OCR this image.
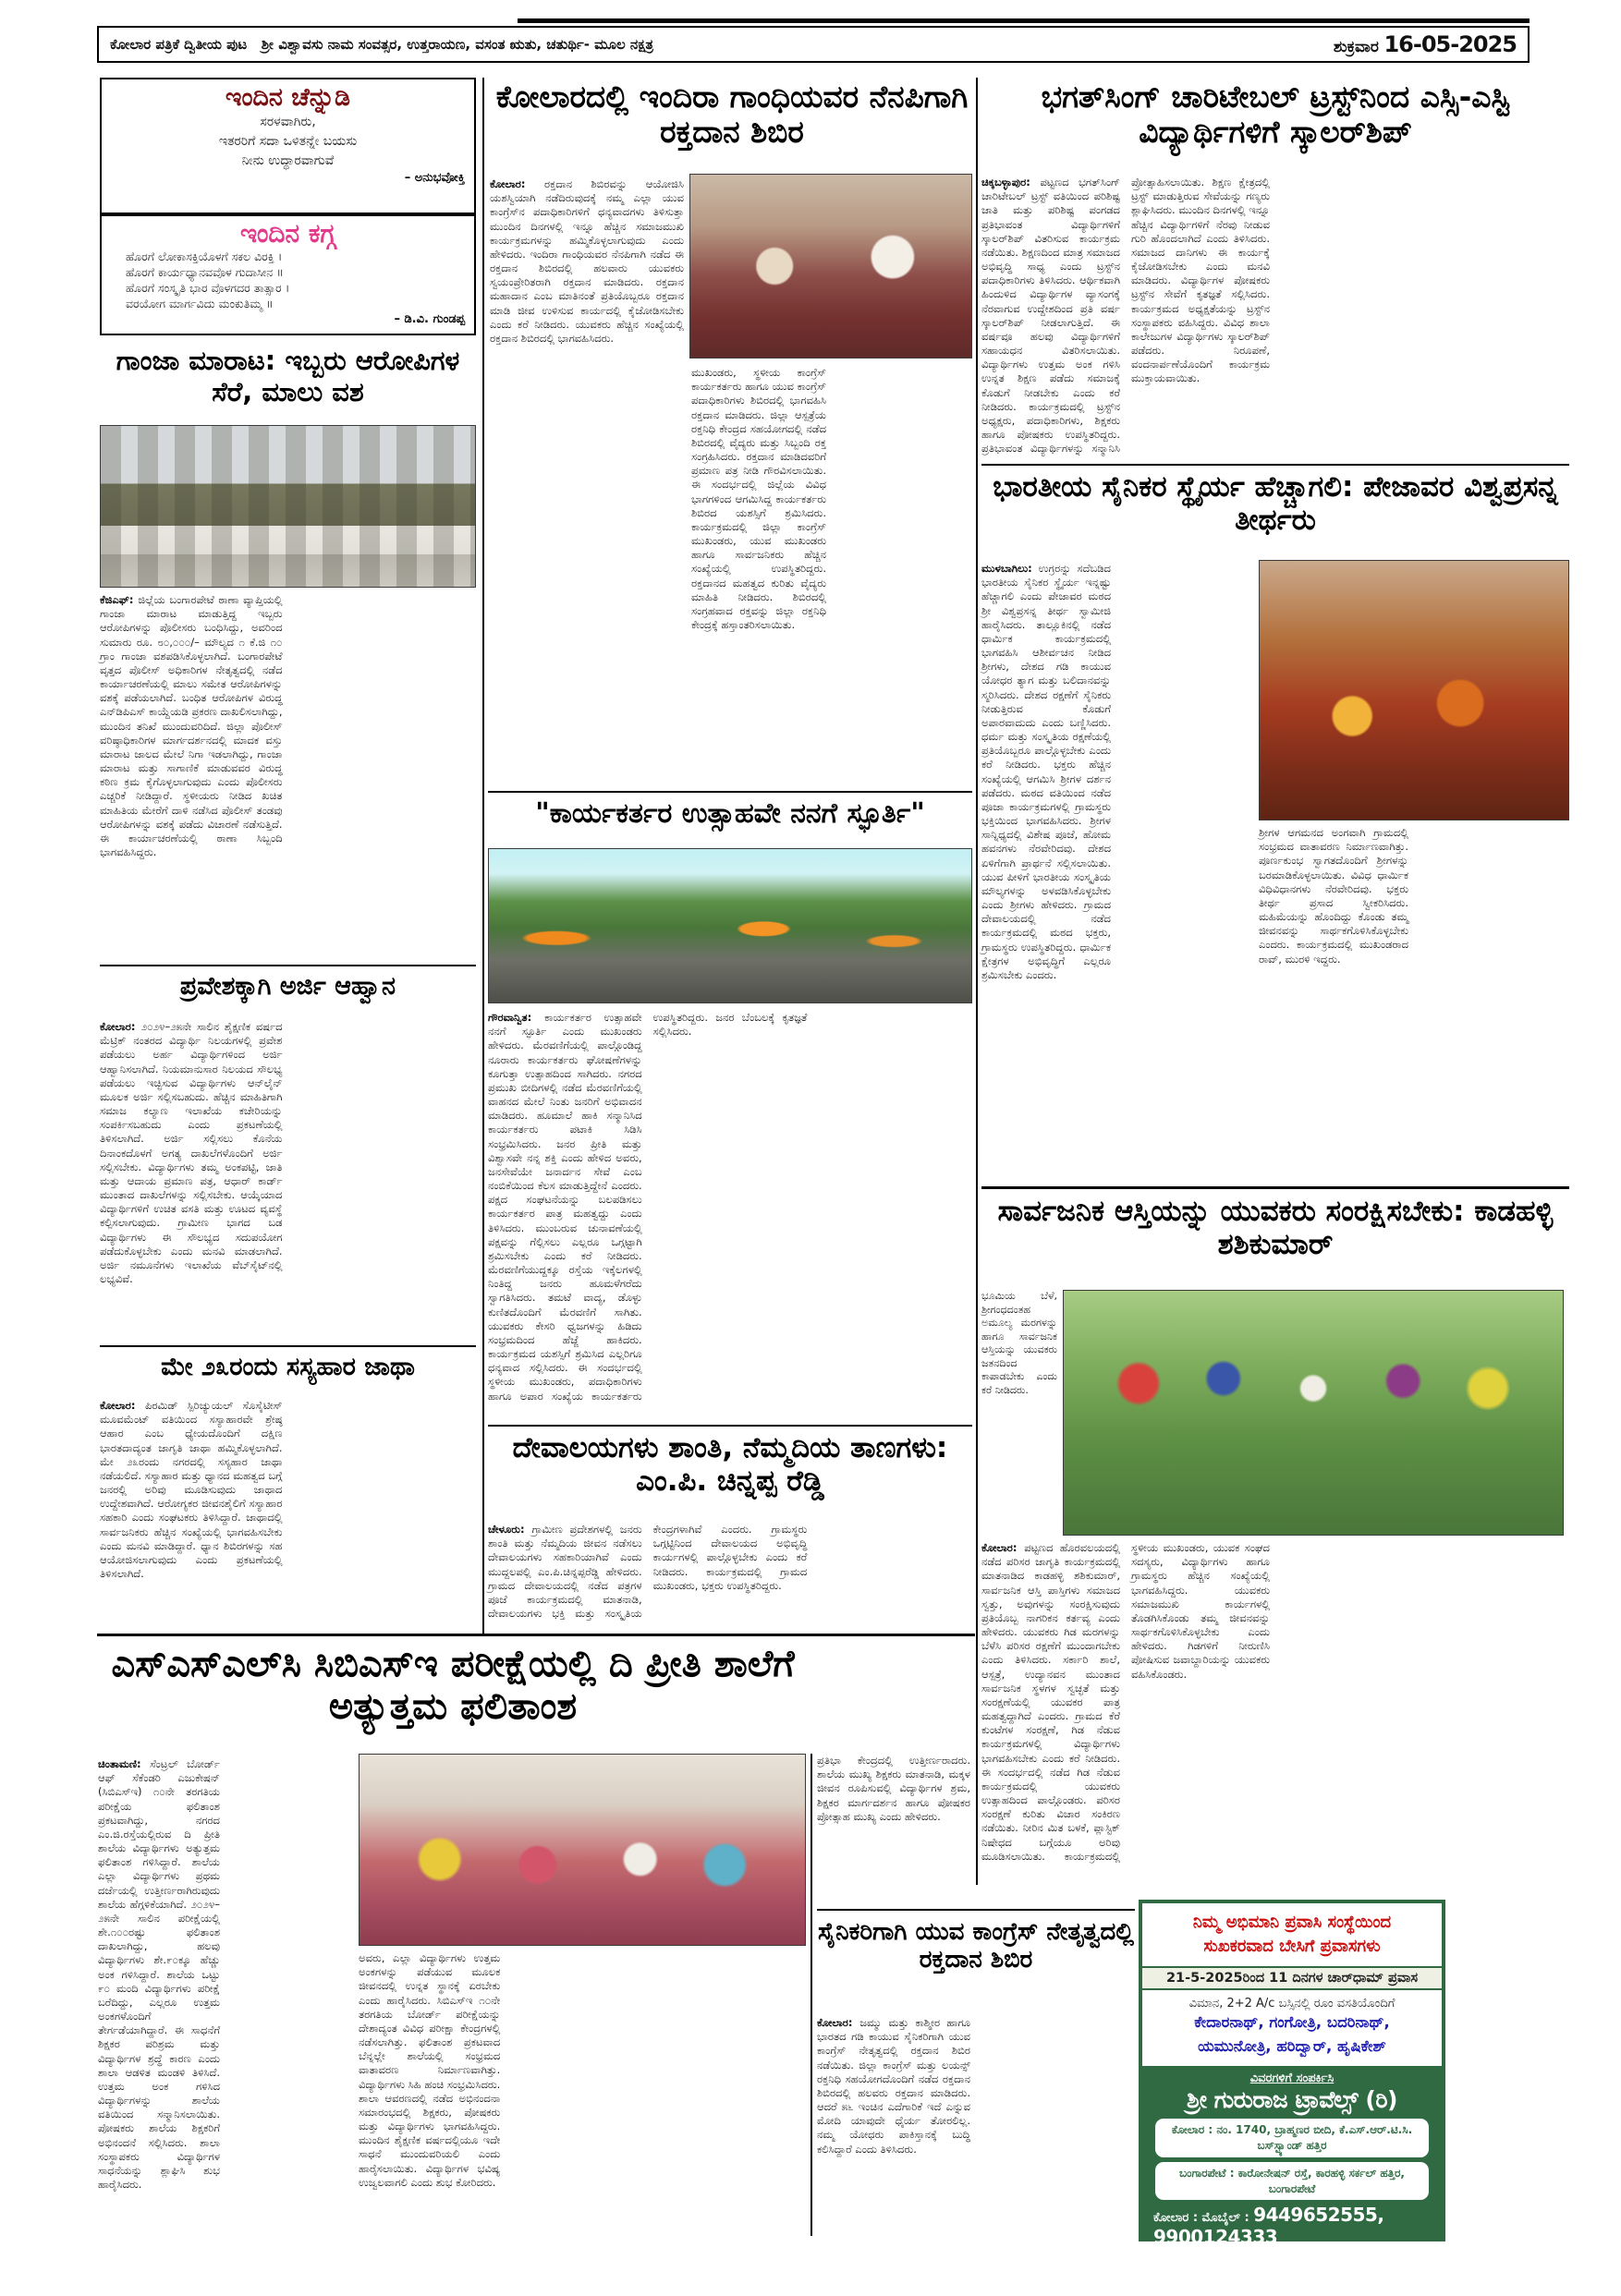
ಕೋಲಾರ ಪತ್ರಿಕೆ ದ್ವಿತೀಯ ಪುಟ ಶ್ರೀ ವಿಶ್ವಾವಸು ನಾಮ ಸಂವತ್ಸರ, ಉತ್ತರಾಯಣ, ವಸಂತ ಋತು, ಚತುರ್ಥಿ- ಮೂಲ ನಕ್ಷತ್ರ	ಶುಕ್ರವಾರ 16-05-2025
ಇಂದಿನ ಚೆನ್ನುಡಿ
ಸರಳವಾಗಿರು,
ಇತರರಿಗೆ ಸದಾ ಒಳಿತನ್ನೇ ಬಯಸು
ನೀನು ಉದ್ಧಾರವಾಗುವೆ
– ಅನುಭವೋಕ್ತಿ
ಇಂದಿನ ಕಗ್ಗ
ಹೊರಗೆ ಲೋಕಾಸಕ್ತಿಯೊಳಗೆ ಸಕಲ ವಿರಕ್ತಿ ।
ಹೊರಗೆ ಕಾರ್ಯಧ್ಯಾನವವೊಳ ಗುದಾಸೀನ ॥
ಹೊರಗೆ ಸಂಸ್ಕೃತಿ ಭಾರ ವೊಳಗದರ ತಾತ್ಸಾರ ।
ವರಯೋಗ ಮಾರ್ಗವಿದು ಮಂಕುತಿಮ್ಮ ॥
– ಡಿ.ವಿ. ಗುಂಡಪ್ಪ
ಗಾಂಜಾ ಮಾರಾಟ: ಇಬ್ಬರು ಆರೋಪಿಗಳ ಸೆರೆ, ಮಾಲು ವಶ
ಕೆಜಿಎಫ್: ಜಿಲ್ಲೆಯ ಬಂಗಾರಪೇಟೆ ಠಾಣಾ ವ್ಯಾಪ್ತಿಯಲ್ಲಿ ಗಾಂಜಾ ಮಾರಾಟ ಮಾಡುತ್ತಿದ್ದ ಇಬ್ಬರು ಆರೋಪಿಗಳನ್ನು ಪೊಲೀಸರು ಬಂಧಿಸಿದ್ದು, ಅವರಿಂದ ಸುಮಾರು ರೂ. ೮೦,೦೦೦/– ಮೌಲ್ಯದ ೧ ಕೆ.ಜಿ ೧೦ ಗ್ರಾಂ ಗಾಂಜಾ ವಶಪಡಿಸಿಕೊಳ್ಳಲಾಗಿದೆ. ಬಂಗಾರಪೇಟೆ ವೃತ್ತದ ಪೊಲೀಸ್ ಅಧಿಕಾರಿಗಳ ನೇತೃತ್ವದಲ್ಲಿ ನಡೆದ ಕಾರ್ಯಾಚರಣೆಯಲ್ಲಿ ಮಾಲು ಸಮೇತ ಆರೋಪಿಗಳನ್ನು ವಶಕ್ಕೆ ಪಡೆಯಲಾಗಿದೆ. ಬಂಧಿತ ಆರೋಪಿಗಳ ವಿರುದ್ಧ ಎನ್‌ಡಿಪಿಎಸ್ ಕಾಯ್ದೆಯಡಿ ಪ್ರಕರಣ ದಾಖಲಿಸಲಾಗಿದ್ದು, ಮುಂದಿನ ತನಿಖೆ ಮುಂದುವರಿದಿದೆ. ಜಿಲ್ಲಾ ಪೊಲೀಸ್ ವರಿಷ್ಠಾಧಿಕಾರಿಗಳ ಮಾರ್ಗದರ್ಶನದಲ್ಲಿ ಮಾದಕ ವಸ್ತು ಮಾರಾಟ ಜಾಲದ ಮೇಲೆ ನಿಗಾ ಇಡಲಾಗಿದ್ದು, ಗಾಂಜಾ ಮಾರಾಟ ಮತ್ತು ಸಾಗಾಣಿಕೆ ಮಾಡುವವರ ವಿರುದ್ಧ ಕಠಿಣ ಕ್ರಮ ಕೈಗೊಳ್ಳಲಾಗುವುದು ಎಂದು ಪೊಲೀಸರು ಎಚ್ಚರಿಕೆ ನೀಡಿದ್ದಾರೆ. ಸ್ಥಳೀಯರು ನೀಡಿದ ಖಚಿತ ಮಾಹಿತಿಯ ಮೇರೆಗೆ ದಾಳಿ ನಡೆಸಿದ ಪೊಲೀಸ್ ತಂಡವು ಆರೋಪಿಗಳನ್ನು ವಶಕ್ಕೆ ಪಡೆದು ವಿಚಾರಣೆ ನಡೆಸುತ್ತಿದೆ. ಈ ಕಾರ್ಯಾಚರಣೆಯಲ್ಲಿ ಠಾಣಾ ಸಿಬ್ಬಂದಿ ಭಾಗವಹಿಸಿದ್ದರು.
ಪ್ರವೇಶಕ್ಕಾಗಿ ಅರ್ಜಿ ಆಹ್ವಾನ
ಕೋಲಾರ: ೨೦೨೪–೨೫ನೇ ಸಾಲಿನ ಶೈಕ್ಷಣಿಕ ವರ್ಷದ ಮೆಟ್ರಿಕ್ ನಂತರದ ವಿದ್ಯಾರ್ಥಿ ನಿಲಯಗಳಲ್ಲಿ ಪ್ರವೇಶ ಪಡೆಯಲು ಅರ್ಹ ವಿದ್ಯಾರ್ಥಿಗಳಿಂದ ಅರ್ಜಿ ಆಹ್ವಾನಿಸಲಾಗಿದೆ. ನಿಯಮಾನುಸಾರ ನಿಲಯದ ಸೌಲಭ್ಯ ಪಡೆಯಲು ಇಚ್ಛಿಸುವ ವಿದ್ಯಾರ್ಥಿಗಳು ಆನ್‌ಲೈನ್ ಮೂಲಕ ಅರ್ಜಿ ಸಲ್ಲಿಸಬಹುದು. ಹೆಚ್ಚಿನ ಮಾಹಿತಿಗಾಗಿ ಸಮಾಜ ಕಲ್ಯಾಣ ಇಲಾಖೆಯ ಕಚೇರಿಯನ್ನು ಸಂಪರ್ಕಿಸಬಹುದು ಎಂದು ಪ್ರಕಟಣೆಯಲ್ಲಿ ತಿಳಿಸಲಾಗಿದೆ. ಅರ್ಜಿ ಸಲ್ಲಿಸಲು ಕೊನೆಯ ದಿನಾಂಕದೊಳಗೆ ಅಗತ್ಯ ದಾಖಲೆಗಳೊಂದಿಗೆ ಅರ್ಜಿ ಸಲ್ಲಿಸಬೇಕು. ವಿದ್ಯಾರ್ಥಿಗಳು ತಮ್ಮ ಅಂಕಪಟ್ಟಿ, ಜಾತಿ ಮತ್ತು ಆದಾಯ ಪ್ರಮಾಣ ಪತ್ರ, ಆಧಾರ್ ಕಾರ್ಡ್ ಮುಂತಾದ ದಾಖಲೆಗಳನ್ನು ಸಲ್ಲಿಸಬೇಕು. ಆಯ್ಕೆಯಾದ ವಿದ್ಯಾರ್ಥಿಗಳಿಗೆ ಉಚಿತ ವಸತಿ ಮತ್ತು ಊಟದ ವ್ಯವಸ್ಥೆ ಕಲ್ಪಿಸಲಾಗುವುದು. ಗ್ರಾಮೀಣ ಭಾಗದ ಬಡ ವಿದ್ಯಾರ್ಥಿಗಳು ಈ ಸೌಲಭ್ಯದ ಸದುಪಯೋಗ ಪಡೆದುಕೊಳ್ಳಬೇಕು ಎಂದು ಮನವಿ ಮಾಡಲಾಗಿದೆ. ಅರ್ಜಿ ನಮೂನೆಗಳು ಇಲಾಖೆಯ ವೆಬ್‌ಸೈಟ್‌ನಲ್ಲಿ ಲಭ್ಯವಿವೆ.
ಮೇ ೨೩ರಂದು ಸಸ್ಯಹಾರ ಜಾಥಾ
ಕೋಲಾರ: ಪಿರಮಿಡ್ ಸ್ಪಿರಿಚ್ಯುಯಲ್ ಸೊಸೈಟೀಸ್ ಮೂವಮೆಂಟ್ ವತಿಯಿಂದ ಸಸ್ಯಾಹಾರವೇ ಶ್ರೇಷ್ಠ ಆಹಾರ ಎಂಬ ಧ್ಯೇಯದೊಂದಿಗೆ ದಕ್ಷಿಣ ಭಾರತದಾದ್ಯಂತ ಜಾಗೃತಿ ಜಾಥಾ ಹಮ್ಮಿಕೊಳ್ಳಲಾಗಿದೆ. ಮೇ ೨೩ರಂದು ನಗರದಲ್ಲಿ ಸಸ್ಯಹಾರ ಜಾಥಾ ನಡೆಯಲಿದೆ. ಸಸ್ಯಾಹಾರ ಮತ್ತು ಧ್ಯಾನದ ಮಹತ್ವದ ಬಗ್ಗೆ ಜನರಲ್ಲಿ ಅರಿವು ಮೂಡಿಸುವುದು ಜಾಥಾದ ಉದ್ದೇಶವಾಗಿದೆ. ಆರೋಗ್ಯಕರ ಜೀವನಶೈಲಿಗೆ ಸಸ್ಯಾಹಾರ ಸಹಕಾರಿ ಎಂದು ಸಂಘಟಕರು ತಿಳಿಸಿದ್ದಾರೆ. ಜಾಥಾದಲ್ಲಿ ಸಾರ್ವಜನಿಕರು ಹೆಚ್ಚಿನ ಸಂಖ್ಯೆಯಲ್ಲಿ ಭಾಗವಹಿಸಬೇಕು ಎಂದು ಮನವಿ ಮಾಡಿದ್ದಾರೆ. ಧ್ಯಾನ ಶಿಬಿರಗಳನ್ನು ಸಹ ಆಯೋಜಿಸಲಾಗುವುದು ಎಂದು ಪ್ರಕಟಣೆಯಲ್ಲಿ ತಿಳಿಸಲಾಗಿದೆ.
ಕೋಲಾರದಲ್ಲಿ ಇಂದಿರಾ ಗಾಂಧಿಯವರ ನೆನಪಿಗಾಗಿ ರಕ್ತದಾನ ಶಿಬಿರ
ಕೋಲಾರ: ರಕ್ತದಾನ ಶಿಬಿರವನ್ನು ಆಯೋಜಿಸಿ ಯಶಸ್ವಿಯಾಗಿ ನಡೆದಿರುವುದಕ್ಕೆ ನಮ್ಮ ಎಲ್ಲಾ ಯುವ ಕಾಂಗ್ರೆಸ್‌ನ ಪದಾಧಿಕಾರಿಗಳಿಗೆ ಧನ್ಯವಾದಗಳು ತಿಳಿಸುತ್ತಾ ಮುಂದಿನ ದಿನಗಳಲ್ಲಿ ಇನ್ನೂ ಹೆಚ್ಚಿನ ಸಮಾಜಮುಖಿ ಕಾರ್ಯಕ್ರಮಗಳನ್ನು ಹಮ್ಮಿಕೊಳ್ಳಲಾಗುವುದು ಎಂದು ಹೇಳಿದರು. ಇಂದಿರಾ ಗಾಂಧಿಯವರ ನೆನಪಿಗಾಗಿ ನಡೆದ ಈ ರಕ್ತದಾನ ಶಿಬಿರದಲ್ಲಿ ಹಲವಾರು ಯುವಕರು ಸ್ವಯಂಪ್ರೇರಿತರಾಗಿ ರಕ್ತದಾನ ಮಾಡಿದರು. ರಕ್ತದಾನ ಮಹಾದಾನ ಎಂಬ ಮಾತಿನಂತೆ ಪ್ರತಿಯೊಬ್ಬರೂ ರಕ್ತದಾನ ಮಾಡಿ ಜೀವ ಉಳಿಸುವ ಕಾರ್ಯದಲ್ಲಿ ಕೈಜೋಡಿಸಬೇಕು ಎಂದು ಕರೆ ನೀಡಿದರು. ಯುವಕರು ಹೆಚ್ಚಿನ ಸಂಖ್ಯೆಯಲ್ಲಿ ರಕ್ತದಾನ ಶಿಬಿರದಲ್ಲಿ ಭಾಗವಹಿಸಿದರು.
ಮುಖಂಡರು, ಸ್ಥಳೀಯ ಕಾಂಗ್ರೆಸ್ ಕಾರ್ಯಕರ್ತರು ಹಾಗೂ ಯುವ ಕಾಂಗ್ರೆಸ್ ಪದಾಧಿಕಾರಿಗಳು ಶಿಬಿರದಲ್ಲಿ ಭಾಗವಹಿಸಿ ರಕ್ತದಾನ ಮಾಡಿದರು. ಜಿಲ್ಲಾ ಆಸ್ಪತ್ರೆಯ ರಕ್ತನಿಧಿ ಕೇಂದ್ರದ ಸಹಯೋಗದಲ್ಲಿ ನಡೆದ ಶಿಬಿರದಲ್ಲಿ ವೈದ್ಯರು ಮತ್ತು ಸಿಬ್ಬಂದಿ ರಕ್ತ ಸಂಗ್ರಹಿಸಿದರು. ರಕ್ತದಾನ ಮಾಡಿದವರಿಗೆ ಪ್ರಮಾಣ ಪತ್ರ ನೀಡಿ ಗೌರವಿಸಲಾಯಿತು. ಈ ಸಂದರ್ಭದಲ್ಲಿ ಜಿಲ್ಲೆಯ ವಿವಿಧ ಭಾಗಗಳಿಂದ ಆಗಮಿಸಿದ್ದ ಕಾರ್ಯಕರ್ತರು ಶಿಬಿರದ ಯಶಸ್ಸಿಗೆ ಶ್ರಮಿಸಿದರು. ಕಾರ್ಯಕ್ರಮದಲ್ಲಿ ಜಿಲ್ಲಾ ಕಾಂಗ್ರೆಸ್ ಮುಖಂಡರು, ಯುವ ಮುಖಂಡರು ಹಾಗೂ ಸಾರ್ವಜನಿಕರು ಹೆಚ್ಚಿನ ಸಂಖ್ಯೆಯಲ್ಲಿ ಉಪಸ್ಥಿತರಿದ್ದರು. ರಕ್ತದಾನದ ಮಹತ್ವದ ಕುರಿತು ವೈದ್ಯರು ಮಾಹಿತಿ ನೀಡಿದರು. ಶಿಬಿರದಲ್ಲಿ ಸಂಗ್ರಹವಾದ ರಕ್ತವನ್ನು ಜಿಲ್ಲಾ ರಕ್ತನಿಧಿ ಕೇಂದ್ರಕ್ಕೆ ಹಸ್ತಾಂತರಿಸಲಾಯಿತು.
"ಕಾರ್ಯಕರ್ತರ ಉತ್ಸಾಹವೇ ನನಗೆ ಸ್ಫೂರ್ತಿ"
ಗೌರವಾನ್ವಿತ: ಕಾರ್ಯಕರ್ತರ ಉತ್ಸಾಹವೇ ನನಗೆ ಸ್ಫೂರ್ತಿ ಎಂದು ಮುಖಂಡರು ಹೇಳಿದರು. ಮೆರವಣಿಗೆಯಲ್ಲಿ ಪಾಲ್ಗೊಂಡಿದ್ದ ನೂರಾರು ಕಾರ್ಯಕರ್ತರು ಘೋಷಣೆಗಳನ್ನು ಕೂಗುತ್ತಾ ಉತ್ಸಾಹದಿಂದ ಸಾಗಿದರು. ನಗರದ ಪ್ರಮುಖ ಬೀದಿಗಳಲ್ಲಿ ನಡೆದ ಮೆರವಣಿಗೆಯಲ್ಲಿ ವಾಹನದ ಮೇಲೆ ನಿಂತು ಜನರಿಗೆ ಅಭಿವಾದನ ಮಾಡಿದರು. ಹೂಮಾಲೆ ಹಾಕಿ ಸನ್ಮಾನಿಸಿದ ಕಾರ್ಯಕರ್ತರು ಪಟಾಕಿ ಸಿಡಿಸಿ ಸಂಭ್ರಮಿಸಿದರು. ಜನರ ಪ್ರೀತಿ ಮತ್ತು ವಿಶ್ವಾಸವೇ ನನ್ನ ಶಕ್ತಿ ಎಂದು ಹೇಳಿದ ಅವರು, ಜನಸೇವೆಯೇ ಜನಾರ್ದನ ಸೇವೆ ಎಂಬ ನಂಬಿಕೆಯಿಂದ ಕೆಲಸ ಮಾಡುತ್ತಿದ್ದೇನೆ ಎಂದರು. ಪಕ್ಷದ ಸಂಘಟನೆಯನ್ನು ಬಲಪಡಿಸಲು ಕಾರ್ಯಕರ್ತರ ಪಾತ್ರ ಮಹತ್ವದ್ದು ಎಂದು ತಿಳಿಸಿದರು. ಮುಂಬರುವ ಚುನಾವಣೆಯಲ್ಲಿ ಪಕ್ಷವನ್ನು ಗೆಲ್ಲಿಸಲು ಎಲ್ಲರೂ ಒಗ್ಗಟ್ಟಾಗಿ ಶ್ರಮಿಸಬೇಕು ಎಂದು ಕರೆ ನೀಡಿದರು. ಮೆರವಣಿಗೆಯುದ್ದಕ್ಕೂ ರಸ್ತೆಯ ಇಕ್ಕೆಲಗಳಲ್ಲಿ ನಿಂತಿದ್ದ ಜನರು ಹೂಮಳೆಗರೆದು ಸ್ವಾಗತಿಸಿದರು. ತಮಟೆ ವಾದ್ಯ, ಡೊಳ್ಳು ಕುಣಿತದೊಂದಿಗೆ ಮೆರವಣಿಗೆ ಸಾಗಿತು. ಯುವಕರು ಕೇಸರಿ ಧ್ವಜಗಳನ್ನು ಹಿಡಿದು ಸಂಭ್ರಮದಿಂದ ಹೆಜ್ಜೆ ಹಾಕಿದರು. ಕಾರ್ಯಕ್ರಮದ ಯಶಸ್ಸಿಗೆ ಶ್ರಮಿಸಿದ ಎಲ್ಲರಿಗೂ ಧನ್ಯವಾದ ಸಲ್ಲಿಸಿದರು. ಈ ಸಂದರ್ಭದಲ್ಲಿ ಸ್ಥಳೀಯ ಮುಖಂಡರು, ಪದಾಧಿಕಾರಿಗಳು ಹಾಗೂ ಅಪಾರ ಸಂಖ್ಯೆಯ ಕಾರ್ಯಕರ್ತರು ಉಪಸ್ಥಿತರಿದ್ದರು. ಜನರ ಬೆಂಬಲಕ್ಕೆ ಕೃತಜ್ಞತೆ ಸಲ್ಲಿಸಿದರು.
ದೇವಾಲಯಗಳು ಶಾಂತಿ, ನೆಮ್ಮದಿಯ ತಾಣಗಳು: ಎಂ.ಪಿ. ಚಿನ್ನಪ್ಪ ರೆಡ್ಡಿ
ಚೇಳೂರು: ಗ್ರಾಮೀಣ ಪ್ರದೇಶಗಳಲ್ಲಿ ಜನರು ಶಾಂತಿ ಮತ್ತು ನೆಮ್ಮದಿಯ ಜೀವನ ನಡೆಸಲು ದೇವಾಲಯಗಳು ಸಹಕಾರಿಯಾಗಿವೆ ಎಂದು ಮುದ್ದಲಪಲ್ಲಿ ಎಂ.ಪಿ.ಚಿನ್ನಪ್ಪರೆಡ್ಡಿ ಹೇಳಿದರು. ಗ್ರಾಮದ ದೇವಾಲಯದಲ್ಲಿ ನಡೆದ ಪತ್ರಗಳ ಪೂಜೆ ಕಾರ್ಯಕ್ರಮದಲ್ಲಿ ಮಾತನಾಡಿ, ದೇವಾಲಯಗಳು ಭಕ್ತಿ ಮತ್ತು ಸಂಸ್ಕೃತಿಯ ಕೇಂದ್ರಗಳಾಗಿವೆ ಎಂದರು. ಗ್ರಾಮಸ್ಥರು ಒಗ್ಗಟ್ಟಿನಿಂದ ದೇವಾಲಯದ ಅಭಿವೃದ್ಧಿ ಕಾರ್ಯಗಳಲ್ಲಿ ಪಾಲ್ಗೊಳ್ಳಬೇಕು ಎಂದು ಕರೆ ನೀಡಿದರು. ಕಾರ್ಯಕ್ರಮದಲ್ಲಿ ಗ್ರಾಮದ ಮುಖಂಡರು, ಭಕ್ತರು ಉಪಸ್ಥಿತರಿದ್ದರು.
ಭಗತ್‌ಸಿಂಗ್ ಚಾರಿಟೇಬಲ್ ಟ್ರಸ್ಟ್‌ನಿಂದ ಎಸ್ಸಿ-ಎಸ್ಟಿ ವಿದ್ಯಾರ್ಥಿಗಳಿಗೆ ಸ್ಕಾಲರ್‌ಶಿಪ್
ಚಿಕ್ಕಬಳ್ಳಾಪುರ: ಪಟ್ಟಣದ ಭಗತ್‌ಸಿಂಗ್ ಚಾರಿಟೇಬಲ್ ಟ್ರಸ್ಟ್ ವತಿಯಿಂದ ಪರಿಶಿಷ್ಟ ಜಾತಿ ಮತ್ತು ಪರಿಶಿಷ್ಟ ಪಂಗಡದ ಪ್ರತಿಭಾವಂತ ವಿದ್ಯಾರ್ಥಿಗಳಿಗೆ ಸ್ಕಾಲರ್‌ಶಿಪ್ ವಿತರಿಸುವ ಕಾರ್ಯಕ್ರಮ ನಡೆಯಿತು. ಶಿಕ್ಷಣದಿಂದ ಮಾತ್ರ ಸಮಾಜದ ಅಭಿವೃದ್ಧಿ ಸಾಧ್ಯ ಎಂದು ಟ್ರಸ್ಟ್‌ನ ಪದಾಧಿಕಾರಿಗಳು ತಿಳಿಸಿದರು. ಆರ್ಥಿಕವಾಗಿ ಹಿಂದುಳಿದ ವಿದ್ಯಾರ್ಥಿಗಳ ವ್ಯಾಸಂಗಕ್ಕೆ ನೆರವಾಗುವ ಉದ್ದೇಶದಿಂದ ಪ್ರತಿ ವರ್ಷ ಸ್ಕಾಲರ್‌ಶಿಪ್ ನೀಡಲಾಗುತ್ತಿದೆ. ಈ ವರ್ಷವೂ ಹಲವು ವಿದ್ಯಾರ್ಥಿಗಳಿಗೆ ಸಹಾಯಧನ ವಿತರಿಸಲಾಯಿತು. ವಿದ್ಯಾರ್ಥಿಗಳು ಉತ್ತಮ ಅಂಕ ಗಳಿಸಿ ಉನ್ನತ ಶಿಕ್ಷಣ ಪಡೆದು ಸಮಾಜಕ್ಕೆ ಕೊಡುಗೆ ನೀಡಬೇಕು ಎಂದು ಕರೆ ನೀಡಿದರು. ಕಾರ್ಯಕ್ರಮದಲ್ಲಿ ಟ್ರಸ್ಟ್‌ನ ಅಧ್ಯಕ್ಷರು, ಪದಾಧಿಕಾರಿಗಳು, ಶಿಕ್ಷಕರು ಹಾಗೂ ಪೋಷಕರು ಉಪಸ್ಥಿತರಿದ್ದರು. ಪ್ರತಿಭಾವಂತ ವಿದ್ಯಾರ್ಥಿಗಳನ್ನು ಸನ್ಮಾನಿಸಿ ಪ್ರೋತ್ಸಾಹಿಸಲಾಯಿತು. ಶಿಕ್ಷಣ ಕ್ಷೇತ್ರದಲ್ಲಿ ಟ್ರಸ್ಟ್ ಮಾಡುತ್ತಿರುವ ಸೇವೆಯನ್ನು ಗಣ್ಯರು ಶ್ಲಾಘಿಸಿದರು. ಮುಂದಿನ ದಿನಗಳಲ್ಲಿ ಇನ್ನೂ ಹೆಚ್ಚಿನ ವಿದ್ಯಾರ್ಥಿಗಳಿಗೆ ನೆರವು ನೀಡುವ ಗುರಿ ಹೊಂದಲಾಗಿದೆ ಎಂದು ತಿಳಿಸಿದರು. ಸಮಾಜದ ದಾನಿಗಳು ಈ ಕಾರ್ಯಕ್ಕೆ ಕೈಜೋಡಿಸಬೇಕು ಎಂದು ಮನವಿ ಮಾಡಿದರು. ವಿದ್ಯಾರ್ಥಿಗಳ ಪೋಷಕರು ಟ್ರಸ್ಟ್‌ನ ಸೇವೆಗೆ ಕೃತಜ್ಞತೆ ಸಲ್ಲಿಸಿದರು. ಕಾರ್ಯಕ್ರಮದ ಅಧ್ಯಕ್ಷತೆಯನ್ನು ಟ್ರಸ್ಟ್‌ನ ಸಂಸ್ಥಾಪಕರು ವಹಿಸಿದ್ದರು. ವಿವಿಧ ಶಾಲಾ ಕಾಲೇಜುಗಳ ವಿದ್ಯಾರ್ಥಿಗಳು ಸ್ಕಾಲರ್‌ಶಿಪ್ ಪಡೆದರು. ನಿರೂಪಣೆ, ವಂದನಾರ್ಪಣೆಯೊಂದಿಗೆ ಕಾರ್ಯಕ್ರಮ ಮುಕ್ತಾಯವಾಯಿತು.
ಭಾರತೀಯ ಸೈನಿಕರ ಸ್ಥೈರ್ಯ ಹೆಚ್ಚಾಗಲಿ: ಪೇಜಾವರ ವಿಶ್ವಪ್ರಸನ್ನ ತೀರ್ಥರು
ಮುಳಬಾಗಿಲು: ಉಗ್ರರನ್ನು ಸದೆಬಡಿದ ಭಾರತೀಯ ಸೈನಿಕರ ಸ್ಥೈರ್ಯ ಇನ್ನಷ್ಟು ಹೆಚ್ಚಾಗಲಿ ಎಂದು ಪೇಜಾವರ ಮಠದ ಶ್ರೀ ವಿಶ್ವಪ್ರಸನ್ನ ತೀರ್ಥ ಸ್ವಾಮೀಜಿ ಹಾರೈಸಿದರು. ತಾಲ್ಲೂಕಿನಲ್ಲಿ ನಡೆದ ಧಾರ್ಮಿಕ ಕಾರ್ಯಕ್ರಮದಲ್ಲಿ ಭಾಗವಹಿಸಿ ಆಶೀರ್ವಚನ ನೀಡಿದ ಶ್ರೀಗಳು, ದೇಶದ ಗಡಿ ಕಾಯುವ ಯೋಧರ ತ್ಯಾಗ ಮತ್ತು ಬಲಿದಾನವನ್ನು ಸ್ಮರಿಸಿದರು. ದೇಶದ ರಕ್ಷಣೆಗೆ ಸೈನಿಕರು ನೀಡುತ್ತಿರುವ ಕೊಡುಗೆ ಅಪಾರವಾದುದು ಎಂದು ಬಣ್ಣಿಸಿದರು. ಧರ್ಮ ಮತ್ತು ಸಂಸ್ಕೃತಿಯ ರಕ್ಷಣೆಯಲ್ಲಿ ಪ್ರತಿಯೊಬ್ಬರೂ ಪಾಲ್ಗೊಳ್ಳಬೇಕು ಎಂದು ಕರೆ ನೀಡಿದರು. ಭಕ್ತರು ಹೆಚ್ಚಿನ ಸಂಖ್ಯೆಯಲ್ಲಿ ಆಗಮಿಸಿ ಶ್ರೀಗಳ ದರ್ಶನ ಪಡೆದರು. ಮಠದ ವತಿಯಿಂದ ನಡೆದ ಪೂಜಾ ಕಾರ್ಯಕ್ರಮಗಳಲ್ಲಿ ಗ್ರಾಮಸ್ಥರು ಭಕ್ತಿಯಿಂದ ಭಾಗವಹಿಸಿದರು. ಶ್ರೀಗಳ ಸಾನ್ನಿಧ್ಯದಲ್ಲಿ ವಿಶೇಷ ಪೂಜೆ, ಹೋಮ ಹವನಗಳು ನೆರವೇರಿದವು. ದೇಶದ ಏಳಿಗೆಗಾಗಿ ಪ್ರಾರ್ಥನೆ ಸಲ್ಲಿಸಲಾಯಿತು. ಯುವ ಪೀಳಿಗೆ ಭಾರತೀಯ ಸಂಸ್ಕೃತಿಯ ಮೌಲ್ಯಗಳನ್ನು ಅಳವಡಿಸಿಕೊಳ್ಳಬೇಕು ಎಂದು ಶ್ರೀಗಳು ಹೇಳಿದರು. ಗ್ರಾಮದ ದೇವಾಲಯದಲ್ಲಿ ನಡೆದ ಕಾರ್ಯಕ್ರಮದಲ್ಲಿ ಮಠದ ಭಕ್ತರು, ಗ್ರಾಮಸ್ಥರು ಉಪಸ್ಥಿತರಿದ್ದರು. ಧಾರ್ಮಿಕ ಕ್ಷೇತ್ರಗಳ ಅಭಿವೃದ್ಧಿಗೆ ಎಲ್ಲರೂ ಶ್ರಮಿಸಬೇಕು ಎಂದರು.
ಶ್ರೀಗಳ ಆಗಮನದ ಅಂಗವಾಗಿ ಗ್ರಾಮದಲ್ಲಿ ಸಂಭ್ರಮದ ವಾತಾವರಣ ನಿರ್ಮಾಣವಾಗಿತ್ತು. ಪೂರ್ಣಕುಂಭ ಸ್ವಾಗತದೊಂದಿಗೆ ಶ್ರೀಗಳನ್ನು ಬರಮಾಡಿಕೊಳ್ಳಲಾಯಿತು. ವಿವಿಧ ಧಾರ್ಮಿಕ ವಿಧಿವಿಧಾನಗಳು ನೆರವೇರಿದವು. ಭಕ್ತರು ತೀರ್ಥ ಪ್ರಸಾದ ಸ್ವೀಕರಿಸಿದರು. ಮಹಿಮೆಯನ್ನು ಹೊಂದಿದ್ದು ಕೊಂಡು ತಮ್ಮ ಜೀವನವನ್ನು ಸಾರ್ಥಕಗೊಳಿಸಿಕೊಳ್ಳಬೇಕು ಎಂದರು. ಕಾರ್ಯಕ್ರಮದಲ್ಲಿ ಮುಖಂಡರಾದ ರಾವ್, ಮುರಳಿ ಇದ್ದರು.
ಸಾರ್ವಜನಿಕ ಆಸ್ತಿಯನ್ನು ಯುವಕರು ಸಂರಕ್ಷಿಸಬೇಕು: ಕಾಡಹಳ್ಳಿ ಶಶಿಕುಮಾರ್
ಭೂಮಿಯ ಬೆಳೆ, ಶ್ರೀಗಂಧದಂತಹ ಅಮೂಲ್ಯ ಮರಗಳನ್ನು ಹಾಗೂ ಸಾರ್ವಜನಿಕ ಆಸ್ತಿಯನ್ನು ಯುವಕರು ಜತನದಿಂದ ಕಾಪಾಡಬೇಕು ಎಂದು ಕರೆ ನೀಡಿದರು.
ಕೋಲಾರ: ಪಟ್ಟಣದ ಹೊರವಲಯದಲ್ಲಿ ನಡೆದ ಪರಿಸರ ಜಾಗೃತಿ ಕಾರ್ಯಕ್ರಮದಲ್ಲಿ ಮಾತನಾಡಿದ ಕಾಡಹಳ್ಳಿ ಶಶಿಕುಮಾರ್, ಸಾರ್ವಜನಿಕ ಆಸ್ತಿ ಪಾಸ್ತಿಗಳು ಸಮಾಜದ ಸ್ವತ್ತು, ಅವುಗಳನ್ನು ಸಂರಕ್ಷಿಸುವುದು ಪ್ರತಿಯೊಬ್ಬ ನಾಗರಿಕನ ಕರ್ತವ್ಯ ಎಂದು ಹೇಳಿದರು. ಯುವಕರು ಗಿಡ ಮರಗಳನ್ನು ಬೆಳೆಸಿ ಪರಿಸರ ರಕ್ಷಣೆಗೆ ಮುಂದಾಗಬೇಕು ಎಂದು ತಿಳಿಸಿದರು. ಸರ್ಕಾರಿ ಶಾಲೆ, ಆಸ್ಪತ್ರೆ, ಉದ್ಯಾನವನ ಮುಂತಾದ ಸಾರ್ವಜನಿಕ ಸ್ಥಳಗಳ ಸ್ವಚ್ಛತೆ ಮತ್ತು ಸಂರಕ್ಷಣೆಯಲ್ಲಿ ಯುವಕರ ಪಾತ್ರ ಮಹತ್ವದ್ದಾಗಿದೆ ಎಂದರು. ಗ್ರಾಮದ ಕೆರೆ ಕುಂಟೆಗಳ ಸಂರಕ್ಷಣೆ, ಗಿಡ ನೆಡುವ ಕಾರ್ಯಕ್ರಮಗಳಲ್ಲಿ ವಿದ್ಯಾರ್ಥಿಗಳು ಭಾಗವಹಿಸಬೇಕು ಎಂದು ಕರೆ ನೀಡಿದರು. ಈ ಸಂದರ್ಭದಲ್ಲಿ ನಡೆದ ಗಿಡ ನೆಡುವ ಕಾರ್ಯಕ್ರಮದಲ್ಲಿ ಯುವಕರು ಉತ್ಸಾಹದಿಂದ ಪಾಲ್ಗೊಂಡರು. ಪರಿಸರ ಸಂರಕ್ಷಣೆ ಕುರಿತು ವಿಚಾರ ಸಂಕಿರಣ ನಡೆಯಿತು. ನೀರಿನ ಮಿತ ಬಳಕೆ, ಪ್ಲಾಸ್ಟಿಕ್ ನಿಷೇಧದ ಬಗ್ಗೆಯೂ ಅರಿವು ಮೂಡಿಸಲಾಯಿತು. ಕಾರ್ಯಕ್ರಮದಲ್ಲಿ ಸ್ಥಳೀಯ ಮುಖಂಡರು, ಯುವಕ ಸಂಘದ ಸದಸ್ಯರು, ವಿದ್ಯಾರ್ಥಿಗಳು ಹಾಗೂ ಗ್ರಾಮಸ್ಥರು ಹೆಚ್ಚಿನ ಸಂಖ್ಯೆಯಲ್ಲಿ ಭಾಗವಹಿಸಿದ್ದರು. ಯುವಕರು ಸಮಾಜಮುಖಿ ಕಾರ್ಯಗಳಲ್ಲಿ ತೊಡಗಿಸಿಕೊಂಡು ತಮ್ಮ ಜೀವನವನ್ನು ಸಾರ್ಥಕಗೊಳಿಸಿಕೊಳ್ಳಬೇಕು ಎಂದು ಹೇಳಿದರು. ಗಿಡಗಳಿಗೆ ನೀರುಣಿಸಿ ಪೋಷಿಸುವ ಜವಾಬ್ದಾರಿಯನ್ನು ಯುವಕರು ವಹಿಸಿಕೊಂಡರು.
ಎಸ್‌ಎಸ್‌ಎಲ್‌ಸಿ ಸಿಬಿಎಸ್‌ಇ ಪರೀಕ್ಷೆಯಲ್ಲಿ ದಿ ಪ್ರೀತಿ ಶಾಲೆಗೆ ಅತ್ಯುತ್ತಮ ಫಲಿತಾಂಶ
ಚಿಂತಾಮಣಿ: ಸೆಂಟ್ರಲ್ ಬೋರ್ಡ್ ಆಫ್ ಸೆಕೆಂಡರಿ ಎಜುಕೇಷನ್ (ಸಿಬಿಎಸ್‌ಇ) ೧೦ನೇ ತರಗತಿಯ ಪರೀಕ್ಷೆಯ ಫಲಿತಾಂಶ ಪ್ರಕಟವಾಗಿದ್ದು, ನಗರದ ಎಂ.ಜಿ.ರಸ್ತೆಯಲ್ಲಿರುವ ದಿ ಪ್ರೀತಿ ಶಾಲೆಯ ವಿದ್ಯಾರ್ಥಿಗಳು ಅತ್ಯುತ್ತಮ ಫಲಿತಾಂಶ ಗಳಿಸಿದ್ದಾರೆ. ಶಾಲೆಯ ಎಲ್ಲಾ ವಿದ್ಯಾರ್ಥಿಗಳು ಪ್ರಥಮ ದರ್ಜೆಯಲ್ಲಿ ಉತ್ತೀರ್ಣರಾಗಿರುವುದು ಶಾಲೆಯ ಹೆಗ್ಗಳಿಕೆಯಾಗಿದೆ. ೨೦೨೪–೨೫ನೇ ಸಾಲಿನ ಪರೀಕ್ಷೆಯಲ್ಲಿ ಶೇ.೧೦೦ರಷ್ಟು ಫಲಿತಾಂಶ ದಾಖಲಾಗಿದ್ದು, ಹಲವು ವಿದ್ಯಾರ್ಥಿಗಳು ಶೇ.೯೦ಕ್ಕೂ ಹೆಚ್ಚು ಅಂಕ ಗಳಿಸಿದ್ದಾರೆ. ಶಾಲೆಯ ಒಟ್ಟು ೯೦ ಮಂದಿ ವಿದ್ಯಾರ್ಥಿಗಳು ಪರೀಕ್ಷೆ ಬರೆದಿದ್ದು, ಎಲ್ಲರೂ ಉತ್ತಮ ಅಂಕಗಳೊಂದಿಗೆ ತೇರ್ಗಡೆಯಾಗಿದ್ದಾರೆ. ಈ ಸಾಧನೆಗೆ ಶಿಕ್ಷಕರ ಪರಿಶ್ರಮ ಮತ್ತು ವಿದ್ಯಾರ್ಥಿಗಳ ಶ್ರದ್ಧೆ ಕಾರಣ ಎಂದು ಶಾಲಾ ಆಡಳಿತ ಮಂಡಳಿ ತಿಳಿಸಿದೆ. ಉತ್ತಮ ಅಂಕ ಗಳಿಸಿದ ವಿದ್ಯಾರ್ಥಿಗಳನ್ನು ಶಾಲೆಯ ವತಿಯಿಂದ ಸನ್ಮಾನಿಸಲಾಯಿತು. ಪೋಷಕರು ಶಾಲೆಯ ಶಿಕ್ಷಕರಿಗೆ ಅಭಿನಂದನೆ ಸಲ್ಲಿಸಿದರು. ಶಾಲಾ ಸಂಸ್ಥಾಪಕರು ವಿದ್ಯಾರ್ಥಿಗಳ ಸಾಧನೆಯನ್ನು ಶ್ಲಾಘಿಸಿ ಶುಭ ಹಾರೈಸಿದರು.
ಅವರು, ಎಲ್ಲಾ ವಿದ್ಯಾರ್ಥಿಗಳು ಉತ್ತಮ ಅಂಕಗಳನ್ನು ಪಡೆಯುವ ಮೂಲಕ ಜೀವನದಲ್ಲಿ ಉನ್ನತ ಸ್ಥಾನಕ್ಕೆ ಏರಬೇಕು ಎಂದು ಹಾರೈಸಿದರು. ಸಿಬಿಎಸ್‌ಇ ೧೦ನೇ ತರಗತಿಯ ಬೋರ್ಡ್ ಪರೀಕ್ಷೆಯನ್ನು ದೇಶಾದ್ಯಂತ ವಿವಿಧ ಪರೀಕ್ಷಾ ಕೇಂದ್ರಗಳಲ್ಲಿ ನಡೆಸಲಾಗಿತ್ತು. ಫಲಿತಾಂಶ ಪ್ರಕಟವಾದ ಬೆನ್ನಲ್ಲೇ ಶಾಲೆಯಲ್ಲಿ ಸಂಭ್ರಮದ ವಾತಾವರಣ ನಿರ್ಮಾಣವಾಗಿತ್ತು. ವಿದ್ಯಾರ್ಥಿಗಳು ಸಿಹಿ ಹಂಚಿ ಸಂಭ್ರಮಿಸಿದರು. ಶಾಲಾ ಆವರಣದಲ್ಲಿ ನಡೆದ ಅಭಿನಂದನಾ ಸಮಾರಂಭದಲ್ಲಿ ಶಿಕ್ಷಕರು, ಪೋಷಕರು ಮತ್ತು ವಿದ್ಯಾರ್ಥಿಗಳು ಭಾಗವಹಿಸಿದ್ದರು. ಮುಂದಿನ ಶೈಕ್ಷಣಿಕ ವರ್ಷದಲ್ಲಿಯೂ ಇದೇ ಸಾಧನೆ ಮುಂದುವರಿಯಲಿ ಎಂದು ಹಾರೈಸಲಾಯಿತು. ವಿದ್ಯಾರ್ಥಿಗಳ ಭವಿಷ್ಯ ಉಜ್ವಲವಾಗಲಿ ಎಂದು ಶುಭ ಕೋರಿದರು.
ಪ್ರತಿಭಾ ಕೇಂದ್ರದಲ್ಲಿ ಉತ್ತೀರ್ಣರಾದರು. ಶಾಲೆಯ ಮುಖ್ಯ ಶಿಕ್ಷಕರು ಮಾತನಾಡಿ, ಮಕ್ಕಳ ಜೀವನ ರೂಪಿಸುವಲ್ಲಿ ವಿದ್ಯಾರ್ಥಿಗಳ ಶ್ರಮ, ಶಿಕ್ಷಕರ ಮಾರ್ಗದರ್ಶನ ಹಾಗೂ ಪೋಷಕರ ಪ್ರೋತ್ಸಾಹ ಮುಖ್ಯ ಎಂದು ಹೇಳಿದರು.
ಸೈನಿಕರಿಗಾಗಿ ಯುವ ಕಾಂಗ್ರೆಸ್ ನೇತೃತ್ವದಲ್ಲಿ ರಕ್ತದಾನ ಶಿಬಿರ
ಕೋಲಾರ: ಜಮ್ಮು ಮತ್ತು ಕಾಶ್ಮೀರ ಹಾಗೂ ಭಾರತದ ಗಡಿ ಕಾಯುವ ಸೈನಿಕರಿಗಾಗಿ ಯುವ ಕಾಂಗ್ರೆಸ್ ನೇತೃತ್ವದಲ್ಲಿ ರಕ್ತದಾನ ಶಿಬಿರ ನಡೆಯಿತು. ಜಿಲ್ಲಾ ಕಾಂಗ್ರೆಸ್ ಮತ್ತು ಲಯನ್ಸ್ ರಕ್ತನಿಧಿ ಸಹಯೋಗದೊಂದಿಗೆ ನಡೆದ ರಕ್ತದಾನ ಶಿಬಿರದಲ್ಲಿ ಹಲವರು ರಕ್ತದಾನ ಮಾಡಿದರು. ಆದರೆ ೫೬ ಇಂಚಿನ ಎದೆಗಾರಿಕೆ ಇದೆ ಎನ್ನುವ ಮೋದಿ ಯಾವುದೇ ಧೈರ್ಯ ತೋರಲಿಲ್ಲ. ನಮ್ಮ ಯೋಧರು ಪಾಕಿಸ್ತಾನಕ್ಕೆ ಬುದ್ಧಿ ಕಲಿಸಿದ್ದಾರೆ ಎಂದು ತಿಳಿಸಿದರು.
ನಿಮ್ಮ ಅಭಿಮಾನಿ ಪ್ರವಾಸಿ ಸಂಸ್ಥೆಯಿಂದ
ಸುಖಕರವಾದ ಬೇಸಿಗೆ ಪ್ರವಾಸಗಳು
21-5-2025ರಿಂದ 11 ದಿನಗಳ ಚಾರ್‌ಧಾಮ್ ಪ್ರವಾಸ
ವಿಮಾನ, 2+2 A/c ಬಸ್ಸಿನಲ್ಲಿ ರೂಂ ವಸತಿಯೊಂದಿಗೆ
ಕೇದಾರನಾಥ್, ಗಂಗೋತ್ರಿ, ಬದರಿನಾಥ್,
ಯಮುನೋತ್ರಿ, ಹರಿದ್ವಾರ್, ಹೃಷಿಕೇಶ್
ವಿವರಗಳಿಗೆ ಸಂಪರ್ಕಿಸಿ
ಶ್ರೀ ಗುರುರಾಜ ಟ್ರಾವೆಲ್ಸ್ (ರಿ)
ಕೋಲಾರ : ನಂ. 1740, ಬ್ರಾಹ್ಮಣರ ಬೀದಿ, ಕೆ.ಎಸ್.ಆರ್.ಟಿ.ಸಿ. ಬಸ್‌ಸ್ಟ್ಯಾಂಡ್ ಹತ್ತಿರ
ಬಂಗಾರಪೇಟೆ : ಕಾರೋನೇಷನ್ ರಸ್ತೆ, ಕಾರಹಳ್ಳಿ ಸರ್ಕಲ್ ಹತ್ತಿರ, ಬಂಗಾರಪೇಟೆ
ಕೋಲಾರ : ಮೊಬೈಲ್ : 9449652555, 9900124333
ಬಂಗಾರಪೇಟೆ : ಮೊಬೈಲ್ : 9449675680, 9886419866
